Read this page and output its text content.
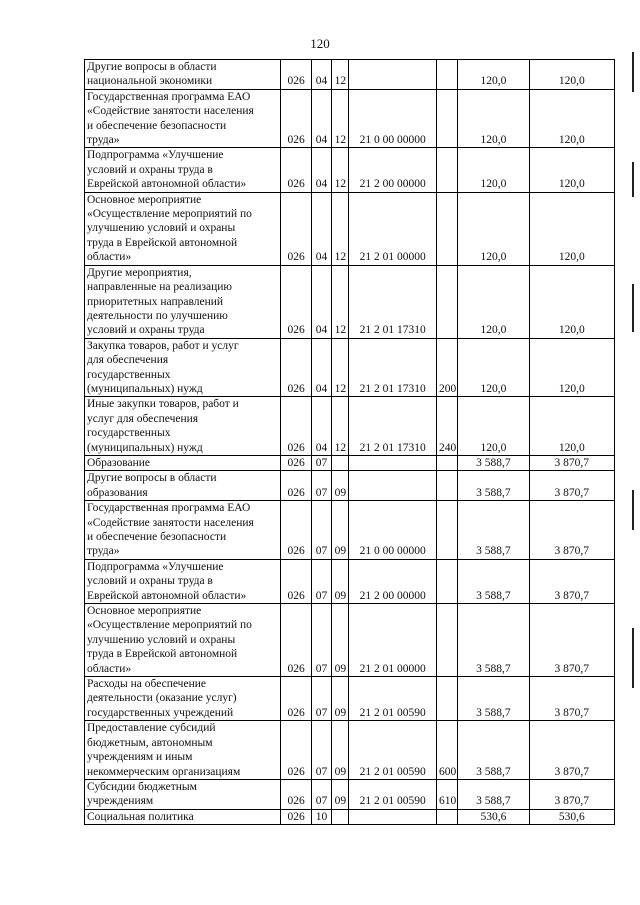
120
Другие вопросы в области
национальной экономики	026	04	12			120,0	120,0
Государственная программа ЕАО
«Содействие занятости населения
и обеспечение безопасности
труда»	026	04	12	21 0 00 00000		120,0	120,0
Подпрограмма «Улучшение
условий и охраны труда в
Еврейской автономной области»	026	04	12	21 2 00 00000		120,0	120,0
Основное мероприятие
«Осуществление мероприятий по
улучшению условий и охраны
труда в Еврейской автономной
области»	026	04	12	21 2 01 00000		120,0	120,0
Другие мероприятия,
направленные на реализацию
приоритетных направлений
деятельности по улучшению
условий и охраны труда	026	04	12	21 2 01 17310		120,0	120,0
Закупка товаров, работ и услуг
для обеспечения
государственных
(муниципальных) нужд	026	04	12	21 2 01 17310	200	120,0	120,0
Иные закупки товаров, работ и
услуг для обеспечения
государственных
(муниципальных) нужд	026	04	12	21 2 01 17310	240	120,0	120,0
Образование	026	07				3 588,7	3 870,7
Другие вопросы в области
образования	026	07	09			3 588,7	3 870,7
Государственная программа ЕАО
«Содействие занятости населения
и обеспечение безопасности
труда»	026	07	09	21 0 00 00000		3 588,7	3 870,7
Подпрограмма «Улучшение
условий и охраны труда в
Еврейской автономной области»	026	07	09	21 2 00 00000		3 588,7	3 870,7
Основное мероприятие
«Осуществление мероприятий по
улучшению условий и охраны
труда в Еврейской автономной
области»	026	07	09	21 2 01 00000		3 588,7	3 870,7
Расходы на обеспечение
деятельности (оказание услуг)
государственных учреждений	026	07	09	21 2 01 00590		3 588,7	3 870,7
Предоставление субсидий
бюджетным, автономным
учреждениям и иным
некоммерческим организациям	026	07	09	21 2 01 00590	600	3 588,7	3 870,7
Субсидии бюджетным
учреждениям	026	07	09	21 2 01 00590	610	3 588,7	3 870,7
Социальная политика	026	10				530,6	530,6
